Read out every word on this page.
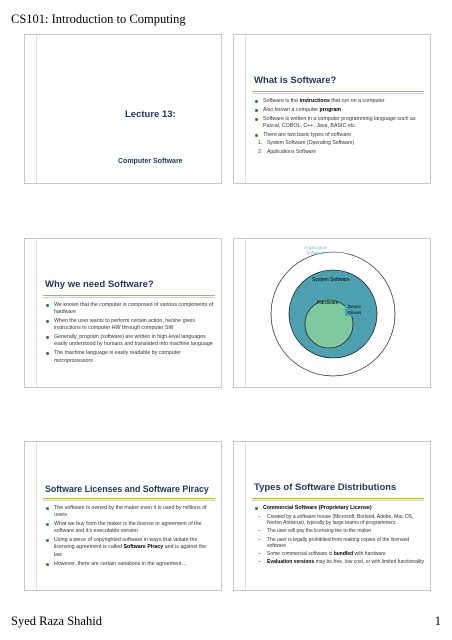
CS101: Introduction to Computing
Lecture 13:
Computer Software
What is Software?
Software is the instructions that run on a computer
Also known a computer program
Software is written in a computer programming language such as Pascal, COBOL, C++, Java, BASIC etc.
There are two basic types of software
1. System Software (Operating Software)
2. Applications Software
Why we need Software?
We known that the computer is composed of various components of hardware
When the user wants to perform certain action, he/she gives instructions to computer HW through computer SW
Generally, program (software) are written in high-level languages easily understood by humans and translated into machine language
The machine language is easily readable by computer microprocessors
Application Software
System Software
Device Drivers
Hardware
Software Licenses and Software Piracy
The software is owned by the maker even it is used by millions of users
What we buy from the maker is the license or agreement of the software and it’s executable version
Using a piece of copyrighted software in ways that violate the licensing agreement is called Software Piracy and is against the law
However, there are certain variations in the agreement…
Types of Software Distributions
Commercial Software (Proprietary License)
– Created by a software house (Microsoft, Borland, Adobe, Mac OS, Norton Antivirus), typically by large teams of programmers
– The user will pay the licensing fee to the maker
– The user is legally prohibited from making copies of the licensed software
– Some commercial software is bundled with hardware
– Evaluation versions may be free, low cost, or with limited functionality
Syed Raza Shahid	1
